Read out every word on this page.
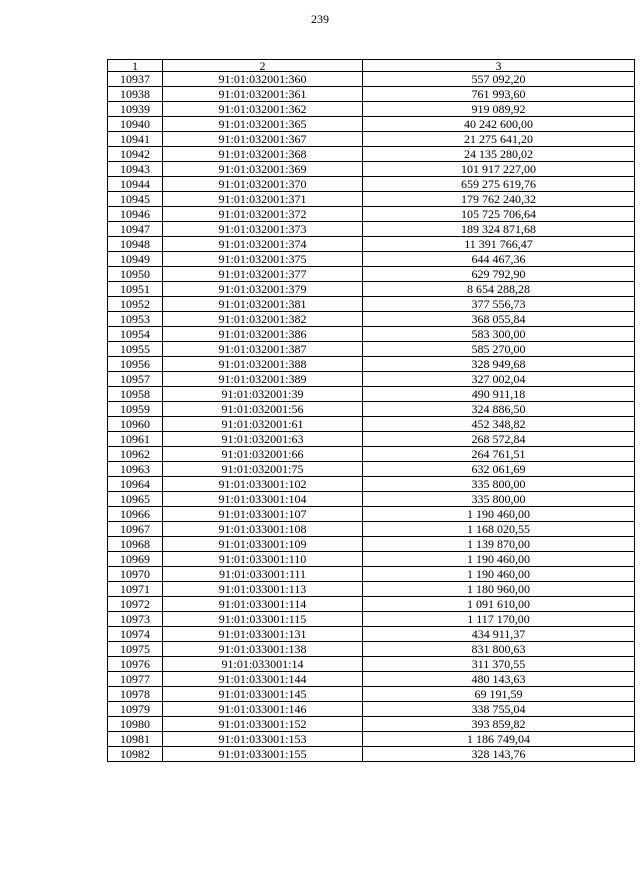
239
1	2	3
10937	91:01:032001:360	557 092,20
10938	91:01:032001:361	761 993,60
10939	91:01:032001:362	919 089,92
10940	91:01:032001:365	40 242 600,00
10941	91:01:032001:367	21 275 641,20
10942	91:01:032001:368	24 135 280,02
10943	91:01:032001:369	101 917 227,00
10944	91:01:032001:370	659 275 619,76
10945	91:01:032001:371	179 762 240,32
10946	91:01:032001:372	105 725 706,64
10947	91:01:032001:373	189 324 871,68
10948	91:01:032001:374	11 391 766,47
10949	91:01:032001:375	644 467,36
10950	91:01:032001:377	629 792,90
10951	91:01:032001:379	8 654 288,28
10952	91:01:032001:381	377 556,73
10953	91:01:032001:382	368 055,84
10954	91:01:032001:386	583 300,00
10955	91:01:032001:387	585 270,00
10956	91:01:032001:388	328 949,68
10957	91:01:032001:389	327 002,04
10958	91:01:032001:39	490 911,18
10959	91:01:032001:56	324 886,50
10960	91:01:032001:61	452 348,82
10961	91:01:032001:63	268 572,84
10962	91:01:032001:66	264 761,51
10963	91:01:032001:75	632 061,69
10964	91:01:033001:102	335 800,00
10965	91:01:033001:104	335 800,00
10966	91:01:033001:107	1 190 460,00
10967	91:01:033001:108	1 168 020,55
10968	91:01:033001:109	1 139 870,00
10969	91:01:033001:110	1 190 460,00
10970	91:01:033001:111	1 190 460,00
10971	91:01:033001:113	1 180 960,00
10972	91:01:033001:114	1 091 610,00
10973	91:01:033001:115	1 117 170,00
10974	91:01:033001:131	434 911,37
10975	91:01:033001:138	831 800,63
10976	91:01:033001:14	311 370,55
10977	91:01:033001:144	480 143,63
10978	91:01:033001:145	69 191,59
10979	91:01:033001:146	338 755,04
10980	91:01:033001:152	393 859,82
10981	91:01:033001:153	1 186 749,04
10982	91:01:033001:155	328 143,76
